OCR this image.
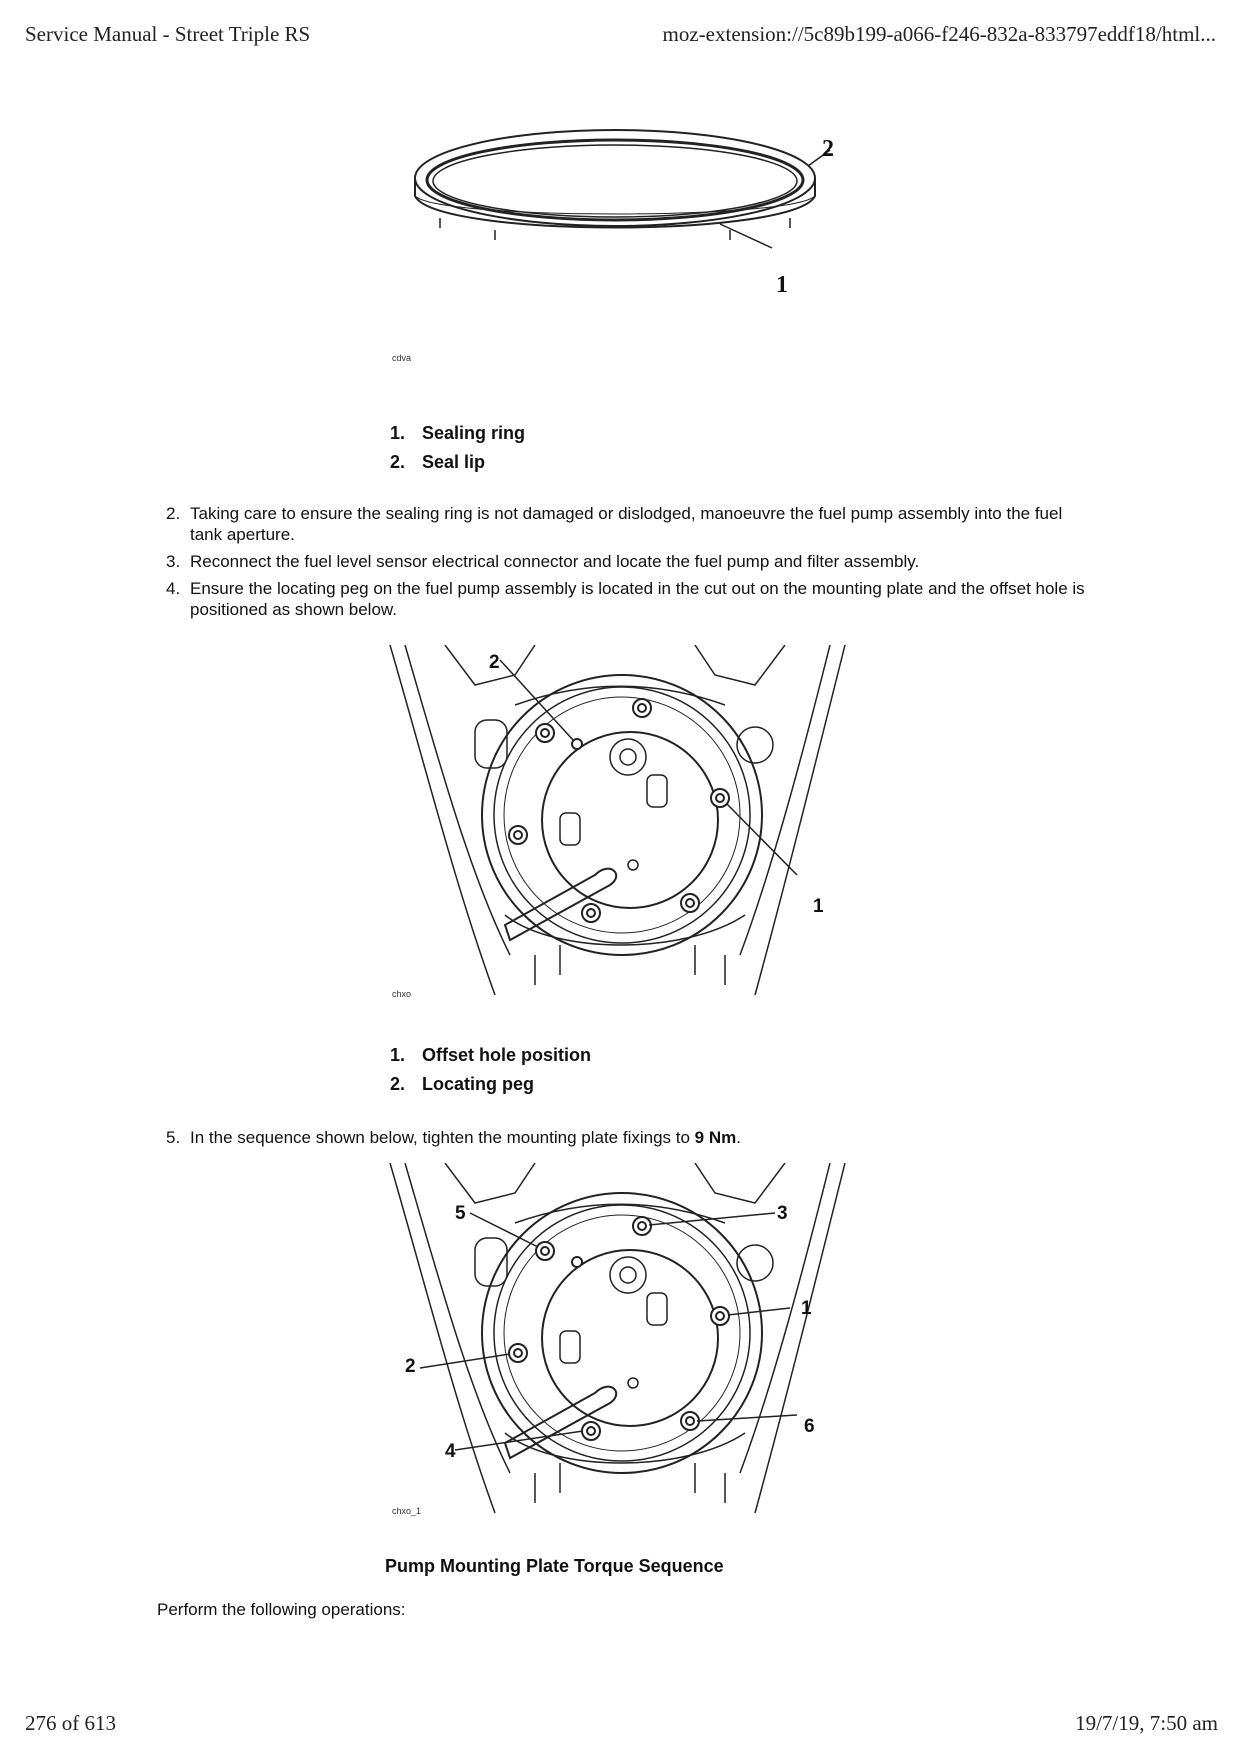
Service Manual - Street Triple RS	moz-extension://5c89b199-a066-f246-832a-833797eddf18/html...
2
1
cdva
1. Sealing ring
2. Seal lip
2. Taking care to ensure the sealing ring is not damaged or dislodged, manoeuvre the fuel pump assembly into the fuel tank aperture.
3. Reconnect the fuel level sensor electrical connector and locate the fuel pump and filter assembly.
4. Ensure the locating peg on the fuel pump assembly is located in the cut out on the mounting plate and the offset hole is positioned as shown below.
2
1
chxo
1. Offset hole position
2. Locating peg
5. In the sequence shown below, tighten the mounting plate fixings to 9 Nm.
5	3
1
2
6
4
chxo_1
Pump Mounting Plate Torque Sequence
Perform the following operations:
276 of 613	19/7/19, 7:50 am
